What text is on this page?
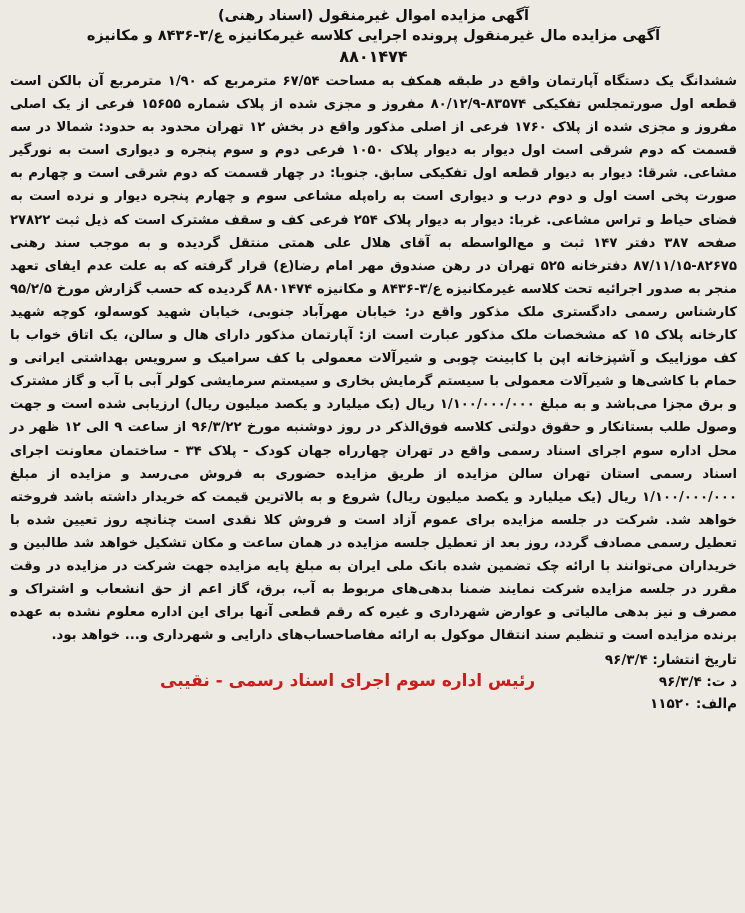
آگهی مزایده اموال غیرمنقول (اسناد رهنی)
آگهی مزایده مال غیرمنقول پرونده اجرایی کلاسه غیرمکانیزه ع/۳-۸۴۳۶ و مکانیزه
۸۸۰۱۴۷۴
ششدانگ یک دستگاه آپارتمان واقع در طبقه همکف به مساحت ۶۷/۵۴ مترمربع که ۱/۹۰ مترمربع آن بالکن است قطعه اول صورتمجلس تفکیکی ۸۳۵۷۴-۸۰/۱۲/۹ مفروز و مجزی شده از پلاک شماره ۱۵۶۵۵ فرعی از یک اصلی مفروز و مجزی شده از پلاک ۱۷۶۰ فرعی از اصلی مذکور واقع در بخش ۱۲ تهران محدود به حدود: شمالا در سه قسمت که دوم شرقی است اول دیوار به دیوار پلاک ۱۰۵۰ فرعی دوم و سوم پنجره و دیواری است به نورگیر مشاعی. شرقا: دیوار به دیوار قطعه اول تفکیکی سابق. جنوبا: در چهار قسمت که دوم شرقی است و چهارم به صورت پخی است اول و دوم درب و دیواری است به راه‌پله مشاعی سوم و چهارم پنجره دیوار و نرده است به فضای حیاط و تراس مشاعی. غربا: دیوار به دیوار پلاک ۲۵۴ فرعی کف و سقف مشترک است که ذیل ثبت ۲۷۸۲۲ صفحه ۳۸۷ دفتر ۱۴۷ ثبت و مع‌الواسطه به آقای هلال علی همتی منتقل گردیده و به موجب سند رهنی ۸۲۶۷۵-۸۷/۱۱/۱۵ دفترخانه ۵۲۵ تهران در رهن صندوق مهر امام رضا(ع) قرار گرفته که به علت عدم ایفای تعهد منجر به صدور اجرائیه تحت کلاسه غیرمکانیزه ع/۳-۸۴۳۶ و مکانیزه ۸۸۰۱۴۷۴ گردیده که حسب گزارش مورخ ۹۵/۲/۵ کارشناس رسمی دادگستری ملک مذکور واقع در: خیابان مهرآباد جنوبی، خیابان شهید کوسه‌لو، کوچه شهید کارخانه پلاک ۱۵ که مشخصات ملک مذکور عبارت است از: آپارتمان مذکور دارای هال و سالن، یک اتاق خواب با کف موزاییک و آشپزخانه اپن با کابینت چوبی و شیرآلات معمولی با کف سرامیک و سرویس بهداشتی ایرانی و حمام با کاشی‌ها و شیرآلات معمولی با سیستم گرمایش بخاری و سیستم سرمایشی کولر آبی با آب و گاز مشترک و برق مجزا می‌باشد و به مبلغ ۱/۱۰۰/۰۰۰/۰۰۰ ریال (یک میلیارد و یکصد میلیون ریال) ارزیابی شده است و جهت وصول طلب بستانکار و حقوق دولتی کلاسه فوق‌الذکر در روز دوشنبه مورخ ۹۶/۳/۲۲ از ساعت ۹ الی ۱۲ ظهر در محل اداره سوم اجرای اسناد رسمی واقع در تهران چهارراه جهان کودک - پلاک ۳۴ - ساختمان معاونت اجرای اسناد رسمی استان تهران سالن مزایده از طریق مزایده حضوری به فروش می‌رسد و مزایده از مبلغ ۱/۱۰۰/۰۰۰/۰۰۰ ریال (یک میلیارد و یکصد میلیون ریال) شروع و به بالاترین قیمت که خریدار داشته باشد فروخته خواهد شد. شرکت در جلسه مزایده برای عموم آزاد است و فروش کلا نقدی است چنانچه روز تعیین شده با تعطیل رسمی مصادف گردد، روز بعد از تعطیل جلسه مزایده در همان ساعت و مکان تشکیل خواهد شد طالبین و خریداران می‌توانند با ارائه چک تضمین شده بانک ملی ایران به مبلغ پایه مزایده جهت شرکت در مزایده در وقت مقرر در جلسه مزایده شرکت نمایند ضمنا بدهی‌های مربوط به آب، برق، گاز اعم از حق انشعاب و اشتراک و مصرف و نیز بدهی مالیاتی و عوارض شهرداری و غیره که رقم قطعی آنها برای این اداره معلوم نشده به عهده برنده مزایده است و تنظیم سند انتقال موکول به ارائه مفاصاحساب‌های دارایی و شهرداری و... خواهد بود.
تاریخ انتشار: ۹۶/۳/۴
د ت: ۹۶/۳/۴
م‌الف: ۱۱۵۲۰
رئیس اداره سوم اجرای اسناد رسمی - نقیبی
